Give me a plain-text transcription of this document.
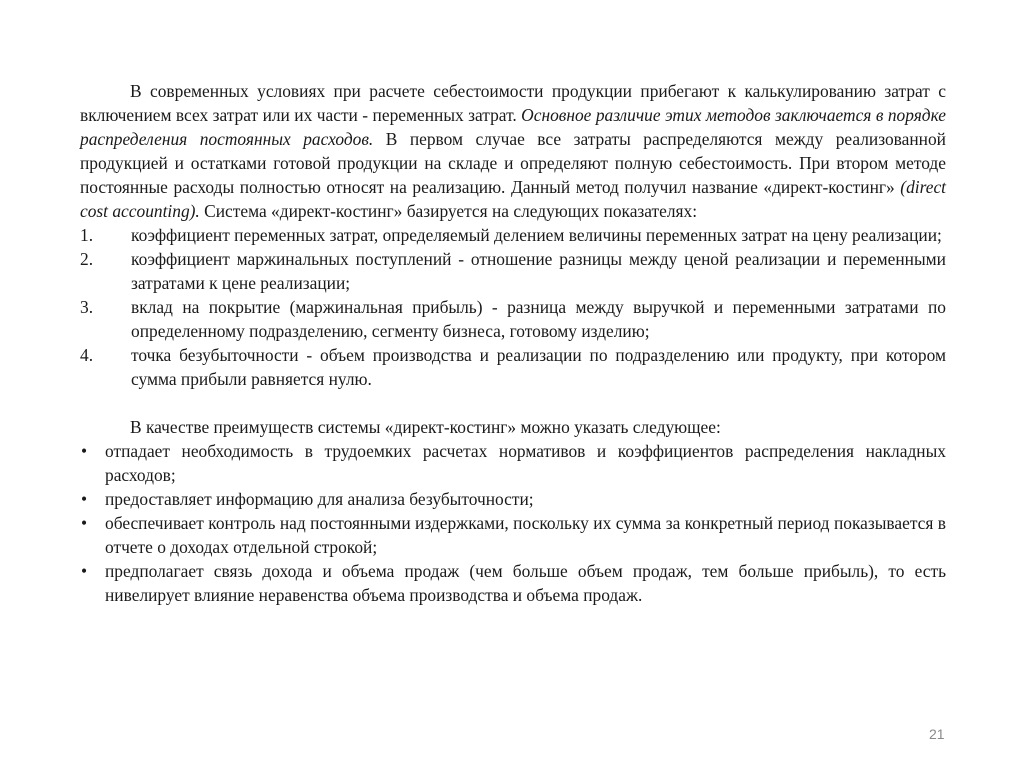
В современных условиях при расчете себестоимости продукции прибегают к калькулированию затрат с включением всех затрат или их части - переменных затрат. Основное различие этих методов заключается в порядке распределения постоянных расходов. В первом случае все затраты распределяются между реализованной продукцией и остатками готовой продукции на складе и определяют полную себестоимость. При втором методе постоянные расходы полностью относят на реализацию. Данный метод получил название «директ-костинг» (direct cost accounting). Система «директ-костинг» базируется на следующих показателях:

1.	коэффициент переменных затрат, определяемый делением величины переменных затрат на цену реализации;
2.	коэффициент маржинальных поступлений - отношение разницы между ценой реализации и переменными затратами к цене реализации;
3.	вклад на покрытие (маржинальная прибыль) - разница между выручкой и переменными затратами по определенному подразделению, сегменту бизнеса, готовому изделию;
4.	точка безубыточности - объем производства и реализации по подразделению или продукту, при котором сумма прибыли равняется нулю.

В качестве преимуществ системы «директ-костинг» можно указать следующее:

• отпадает необходимость в трудоемких расчетах нормативов и коэффициентов распределения накладных расходов;
• предоставляет информацию для анализа безубыточности;
• обеспечивает контроль над постоянными издержками, поскольку их сумма за конкретный период показывается в отчете о доходах отдельной строкой;
• предполагает связь дохода и объема продаж (чем больше объем продаж, тем больше прибыль), то есть нивелирует влияние неравенства объема производства и объема продаж.
21
